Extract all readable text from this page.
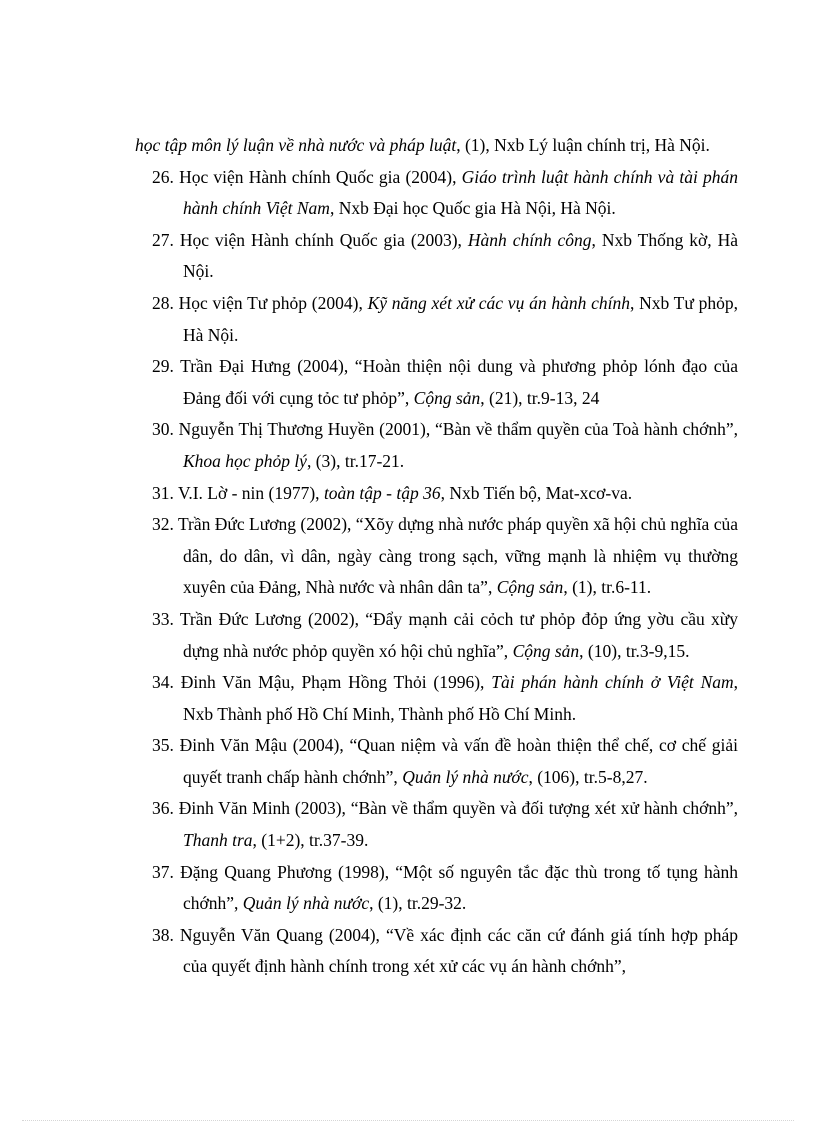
học tập môn lý luận về nhà nước và pháp luật, (1), Nxb Lý luận chính trị, Hà Nội.

26. Học viện Hành chính Quốc gia (2004), Giáo trình luật hành chính và tài phán hành chính Việt Nam, Nxb Đại học Quốc gia Hà Nội, Hà Nội.

27. Học viện Hành chính Quốc gia (2003), Hành chính công, Nxb Thống kờ, Hà Nội.

28. Học viện Tư phỏp (2004), Kỹ năng xét xử các vụ án hành chính, Nxb Tư phỏp, Hà Nội.

29. Trần Đại Hưng (2004), “Hoàn thiện nội dung và phương phỏp lónh đạo của Đảng đối với cụng tỏc tư phỏp”, Cộng sản, (21), tr.9-13, 24

30. Nguyễn Thị Thương Huyền (2001), “Bàn về thẩm quyền của Toà hành chớnh”, Khoa học phỏp lý, (3), tr.17-21.

31. V.I. Lờ - nin (1977), toàn tập - tập 36, Nxb Tiến bộ, Mat-xcơ-va.

32. Trần Đức Lương (2002), “Xõy dựng nhà nước pháp quyền xã hội chủ nghĩa của dân, do dân, vì dân, ngày càng trong sạch, vững mạnh là nhiệm vụ thường xuyên của Đảng, Nhà nước và nhân dân ta”, Cộng sản, (1), tr.6-11.

33. Trần Đức Lương (2002), “Đẩy mạnh cải cỏch tư phỏp đỏp ứng yờu cầu xừy dựng nhà nước phỏp quyền xó hội chủ nghĩa”, Cộng sản, (10), tr.3-9,15.

34. Đinh Văn Mậu, Phạm Hồng Thỏi (1996), Tài phán hành chính ở Việt Nam, Nxb Thành phố Hồ Chí Minh, Thành phố Hồ Chí Minh.

35. Đinh Văn Mậu (2004), “Quan niệm và vấn đề hoàn thiện thể chế, cơ chế giải quyết tranh chấp hành chớnh”, Quản lý nhà nước, (106), tr.5-8,27.

36. Đinh Văn Minh (2003), “Bàn về thẩm quyền và đối tượng xét xử hành chớnh”, Thanh tra, (1+2), tr.37-39.

37. Đặng Quang Phương (1998), “Một số nguyên tắc đặc thù trong tố tụng hành chớnh”, Quản lý nhà nước, (1), tr.29-32.

38. Nguyễn Văn Quang (2004), “Về xác định các căn cứ đánh giá tính hợp pháp của quyết định hành chính trong xét xử các vụ án hành chớnh”,
